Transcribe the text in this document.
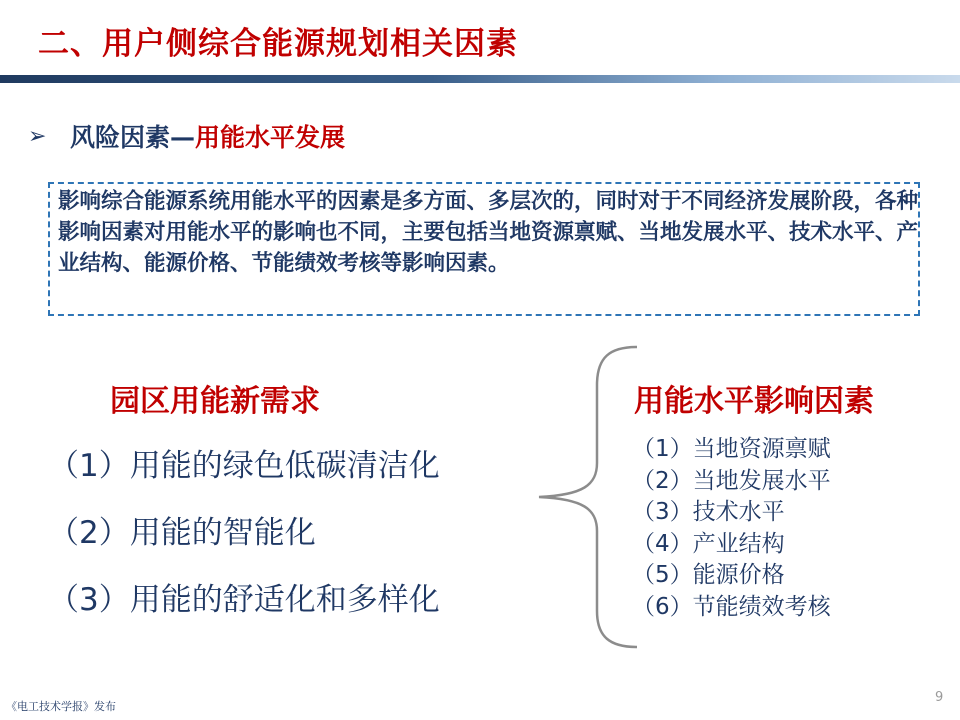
二、用户侧综合能源规划相关因素
➢ 风险因素—用能水平发展
影响综合能源系统用能水平的因素是多方面、多层次的，同时对于不同经济发展阶段，各种影响因素对用能水平的影响也不同，主要包括当地资源禀赋、当地发展水平、技术水平、产业结构、能源价格、节能绩效考核等影响因素。
园区用能新需求
（1）用能的绿色低碳清洁化
（2）用能的智能化
（3）用能的舒适化和多样化
用能水平影响因素
（1）当地资源禀赋
（2）当地发展水平
（3）技术水平
（4）产业结构
（5）能源价格
（6）节能绩效考核
《电工技术学报》发布
9
